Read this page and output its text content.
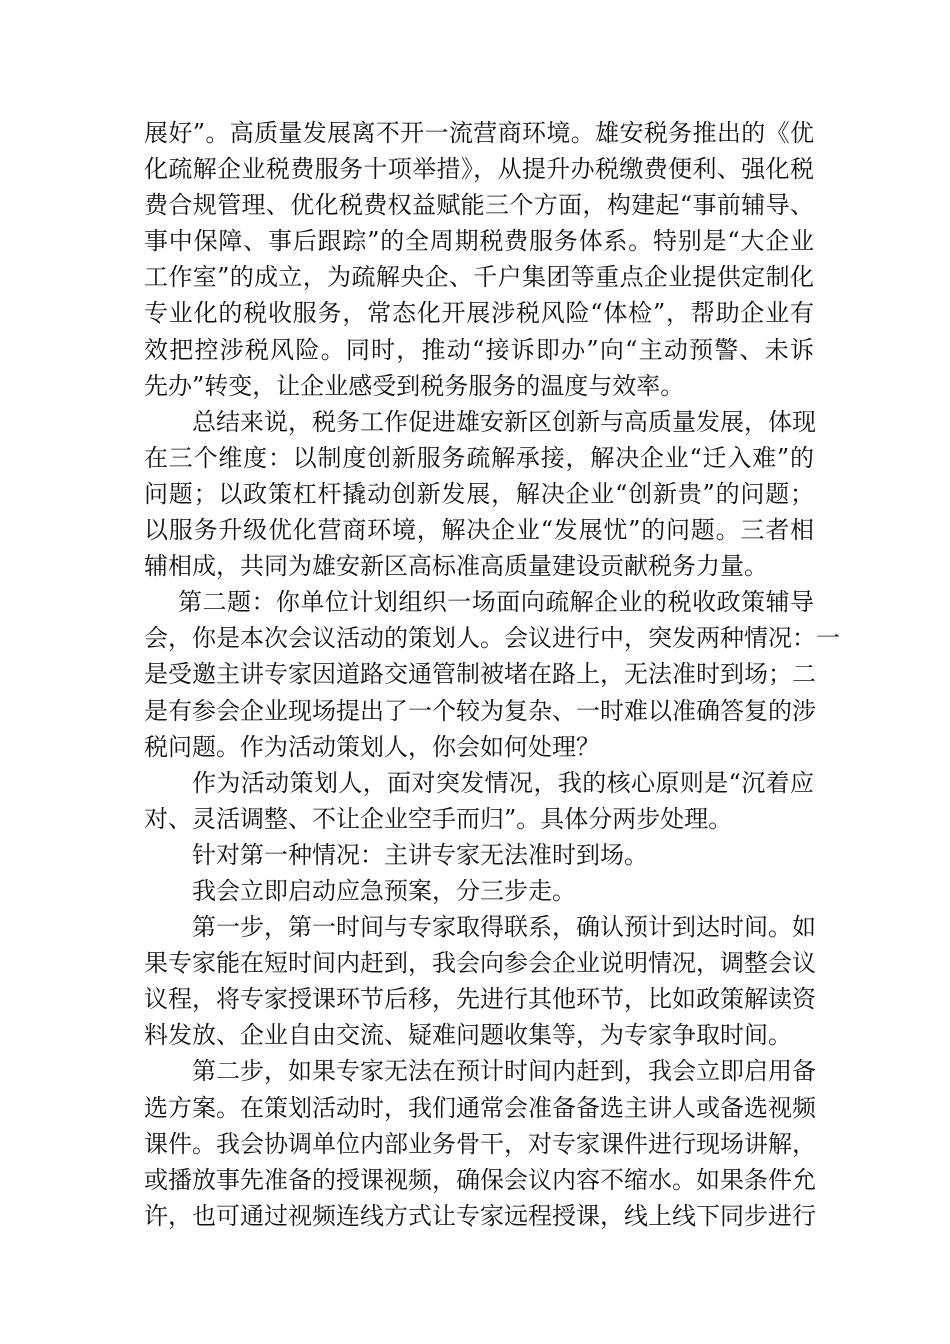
展好”。高质量发展离不开一流营商环境。雄安税务推出的《优
化疏解企业税费服务十项举措》，从提升办税缴费便利、强化税
费合规管理、优化税费权益赋能三个方面，构建起“事前辅导、
事中保障、事后跟踪”的全周期税费服务体系。特别是“大企业
工作室”的成立，为疏解央企、千户集团等重点企业提供定制化
专业化的税收服务，常态化开展涉税风险“体检”，帮助企业有
效把控涉税风险。同时，推动“接诉即办”向“主动预警、未诉
先办”转变，让企业感受到税务服务的温度与效率。
总结来说，税务工作促进雄安新区创新与高质量发展，体现
在三个维度：以制度创新服务疏解承接，解决企业“迁入难”的
问题；以政策杠杆撬动创新发展，解决企业“创新贵”的问题；
以服务升级优化营商环境，解决企业“发展忧”的问题。三者相
辅相成，共同为雄安新区高标准高质量建设贡献税务力量。
第二题：你单位计划组织一场面向疏解企业的税收政策辅导
会，你是本次会议活动的策划人。会议进行中，突发两种情况：一
是受邀主讲专家因道路交通管制被堵在路上，无法准时到场；二
是有参会企业现场提出了一个较为复杂、一时难以准确答复的涉
税问题。作为活动策划人，你会如何处理？
作为活动策划人，面对突发情况，我的核心原则是“沉着应
对、灵活调整、不让企业空手而归”。具体分两步处理。
针对第一种情况：主讲专家无法准时到场。
我会立即启动应急预案，分三步走。
第一步，第一时间与专家取得联系，确认预计到达时间。如
果专家能在短时间内赶到，我会向参会企业说明情况，调整会议
议程，将专家授课环节后移，先进行其他环节，比如政策解读资
料发放、企业自由交流、疑难问题收集等，为专家争取时间。
第二步，如果专家无法在预计时间内赶到，我会立即启用备
选方案。在策划活动时，我们通常会准备备选主讲人或备选视频
课件。我会协调单位内部业务骨干，对专家课件进行现场讲解，
或播放事先准备的授课视频，确保会议内容不缩水。如果条件允
许，也可通过视频连线方式让专家远程授课，线上线下同步进行
